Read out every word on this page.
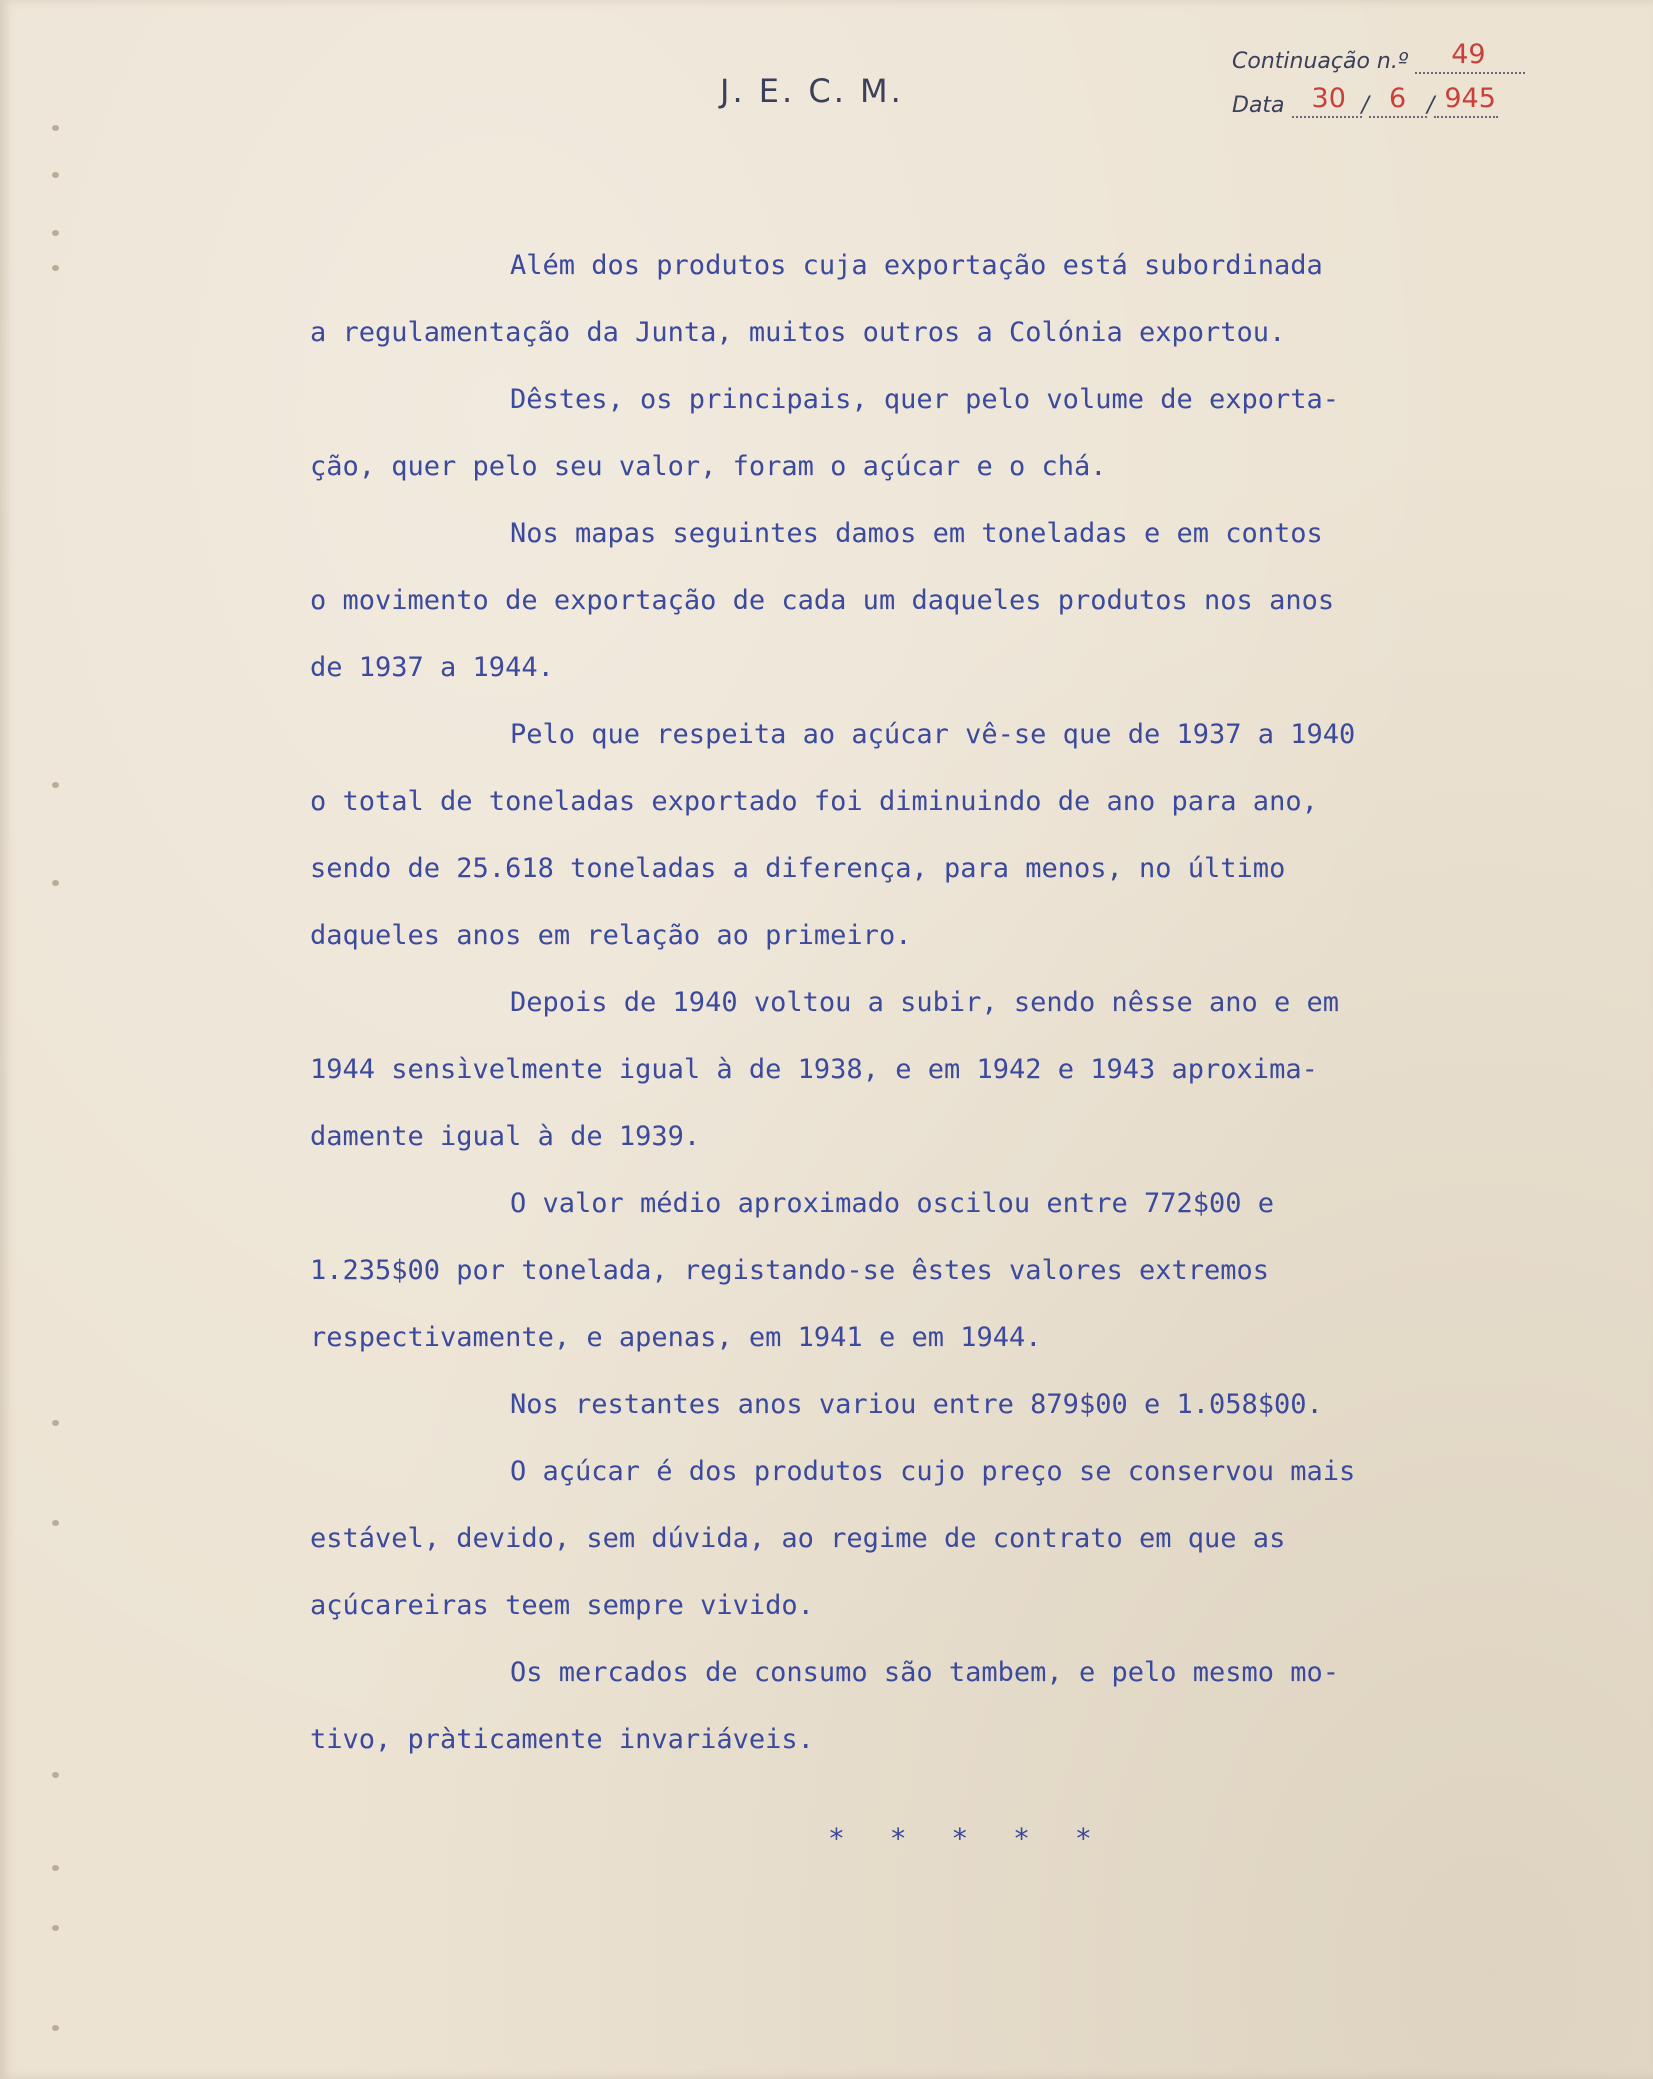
J. E. C. M.
Continuação n.º 49
Data 30 / 6 / 945
Além dos produtos cuja exportação está subordinada
a regulamentação da Junta, muitos outros a Colónia exportou.
Dêstes, os principais, quer pelo volume de exporta-
ção, quer pelo seu valor, foram o açúcar e o chá.
Nos mapas seguintes damos em toneladas e em contos
o movimento de exportação de cada um daqueles produtos nos anos
de 1937 a 1944.
Pelo que respeita ao açúcar vê-se que de 1937 a 1940
o total de toneladas exportado foi diminuindo de ano para ano,
sendo de 25.618 toneladas a diferença, para menos, no último
daqueles anos em relação ao primeiro.
Depois de 1940 voltou a subir, sendo nêsse ano e em
1944 sensìvelmente igual à de 1938, e em 1942 e 1943 aproxima-
damente igual à de 1939.
O valor médio aproximado oscilou entre 772$00 e
1.235$00 por tonelada, registando-se êstes valores extremos
respectivamente, e apenas, em 1941 e em 1944.
Nos restantes anos variou entre 879$00 e 1.058$00.
O açúcar é dos produtos cujo preço se conservou mais
estável, devido, sem dúvida, ao regime de contrato em que as
açúcareiras teem sempre vivido.
Os mercados de consumo são tambem, e pelo mesmo mo-
tivo, pràticamente invariáveis.
* * * * *
